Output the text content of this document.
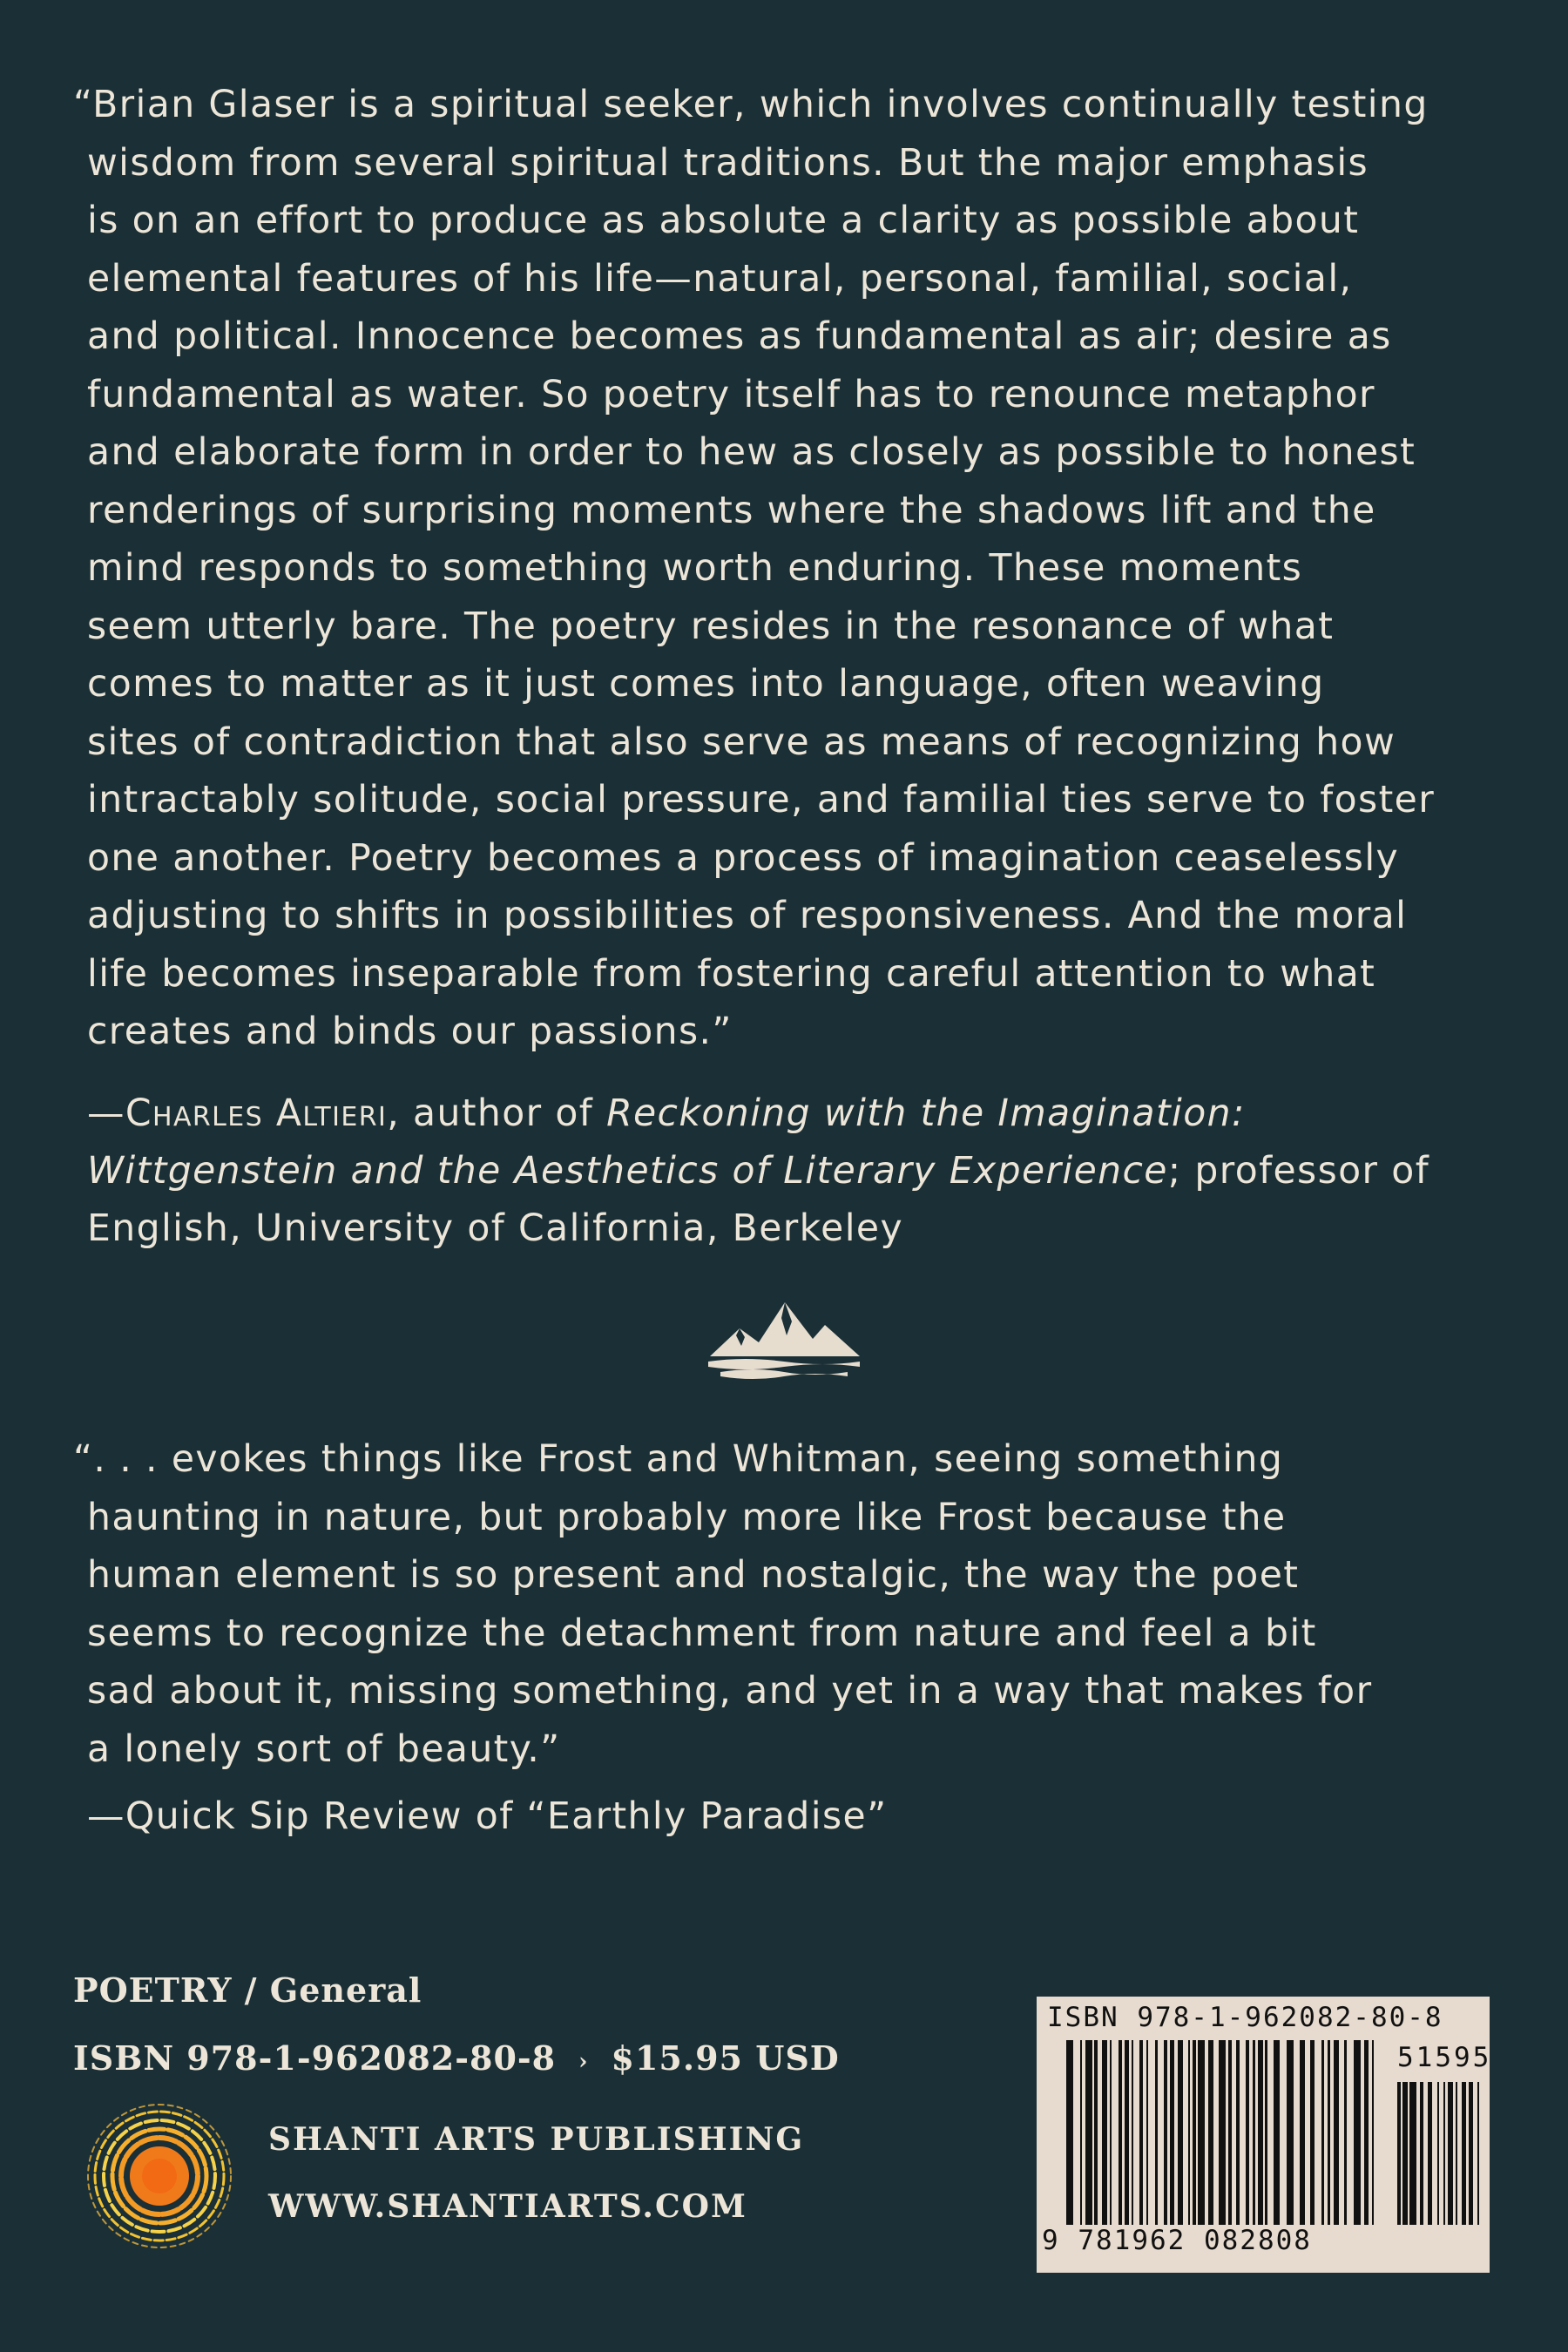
“Brian Glaser is a spiritual seeker, which involves continually testing
wisdom from several spiritual traditions. But the major emphasis
is on an effort to produce as absolute a clarity as possible about
elemental features of his life—natural, personal, familial, social,
and political. Innocence becomes as fundamental as air; desire as
fundamental as water. So poetry itself has to renounce metaphor
and elaborate form in order to hew as closely as possible to honest
renderings of surprising moments where the shadows lift and the
mind responds to something worth enduring. These moments
seem utterly bare. The poetry resides in the resonance of what
comes to matter as it just comes into language, often weaving
sites of contradiction that also serve as means of recognizing how
intractably solitude, social pressure, and familial ties serve to foster
one another. Poetry becomes a process of imagination ceaselessly
adjusting to shifts in possibilities of responsiveness. And the moral
life becomes inseparable from fostering careful attention to what
creates and binds our passions.”

—Charles Altieri, author of Reckoning with the Imagination: Wittgenstein and the Aesthetics of Literary Experience; professor of English, University of California, Berkeley

“. . . evokes things like Frost and Whitman, seeing something
haunting in nature, but probably more like Frost because the
human element is so present and nostalgic, the way the poet
seems to recognize the detachment from nature and feel a bit
sad about it, missing something, and yet in a way that makes for
a lonely sort of beauty.”

—Quick Sip Review of “Earthly Paradise”

POETRY / General
ISBN 978-1-962082-80-8 › $15.95 USD
SHANTI ARTS PUBLISHING
WWW.SHANTIARTS.COM
ISBN 978-1-962082-80-8
51595
9 781962 082808
